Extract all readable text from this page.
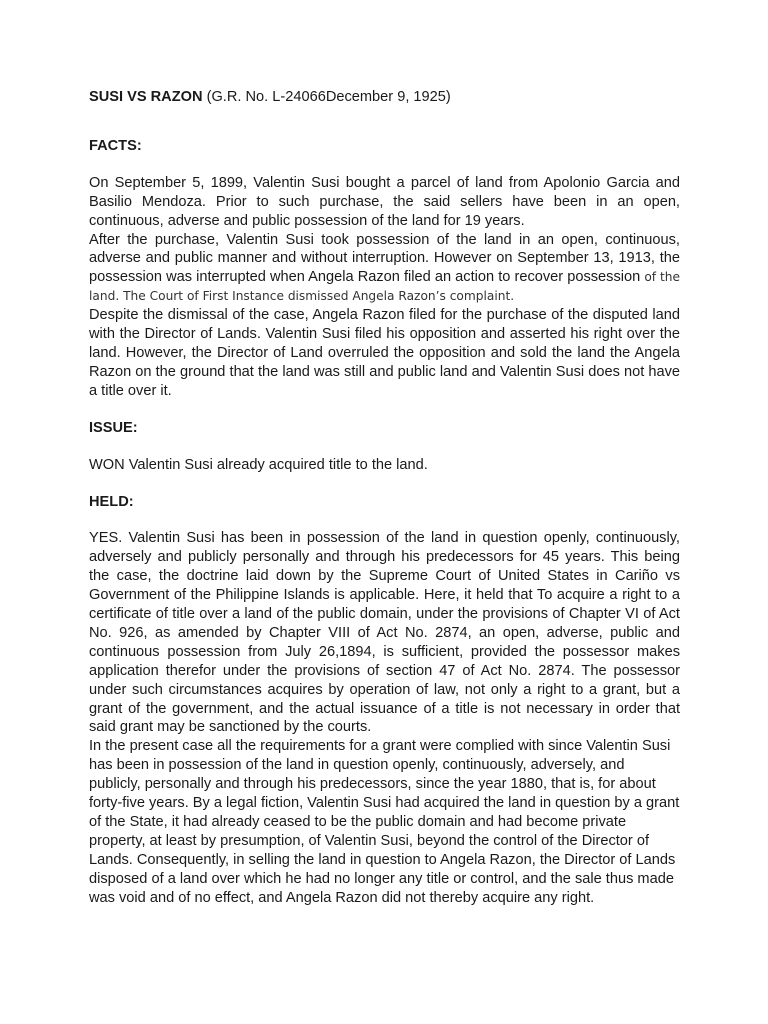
SUSI VS RAZON (G.R. No. L-24066December 9, 1925)

FACTS:

On September 5, 1899, Valentin Susi bought a parcel of land from Apolonio Garcia and Basilio Mendoza. Prior to such purchase, the said sellers have been in an open, continuous, adverse and public possession of the land for 19 years.

After the purchase, Valentin Susi took possession of the land in an open, continuous, adverse and public manner and without interruption. However on September 13, 1913, the possession was interrupted when Angela Razon filed an action to recover possession of the land. The Court of First Instance dismissed Angela Razon’s complaint.

Despite the dismissal of the case, Angela Razon filed for the purchase of the disputed land with the Director of Lands. Valentin Susi filed his opposition and asserted his right over the land. However, the Director of Land overruled the opposition and sold the land the Angela Razon on the ground that the land was still and public land and Valentin Susi does not have a title over it.

ISSUE:

WON Valentin Susi already acquired title to the land.

HELD:

YES. Valentin Susi has been in possession of the land in question openly, continuously, adversely and publicly personally and through his predecessors for 45 years. This being the case, the doctrine laid down by the Supreme Court of United States in Cariño vs Government of the Philippine Islands is applicable. Here, it held that To acquire a right to a certificate of title over a land of the public domain, under the provisions of Chapter VI of Act No. 926, as amended by Chapter VIII of Act No. 2874, an open, adverse, public and continuous possession from July 26,1894, is sufficient, provided the possessor makes application therefor under the provisions of section 47 of Act No. 2874. The possessor under such circumstances acquires by operation of law, not only a right to a grant, but a grant of the government, and the actual issuance of a title is not necessary in order that said grant may be sanctioned by the courts.

In the present case all the requirements for a grant were complied with since Valentin Susi has been in possession of the land in question openly, continuously, adversely, and publicly, personally and through his predecessors, since the year 1880, that is, for about forty-five years. By a legal fiction, Valentin Susi had acquired the land in question by a grant of the State, it had already ceased to be the public domain and had become private property, at least by presumption, of Valentin Susi, beyond the control of the Director of Lands. Consequently, in selling the land in question to Angela Razon, the Director of Lands disposed of a land over which he had no longer any title or control, and the sale thus made was void and of no effect, and Angela Razon did not thereby acquire any right.
